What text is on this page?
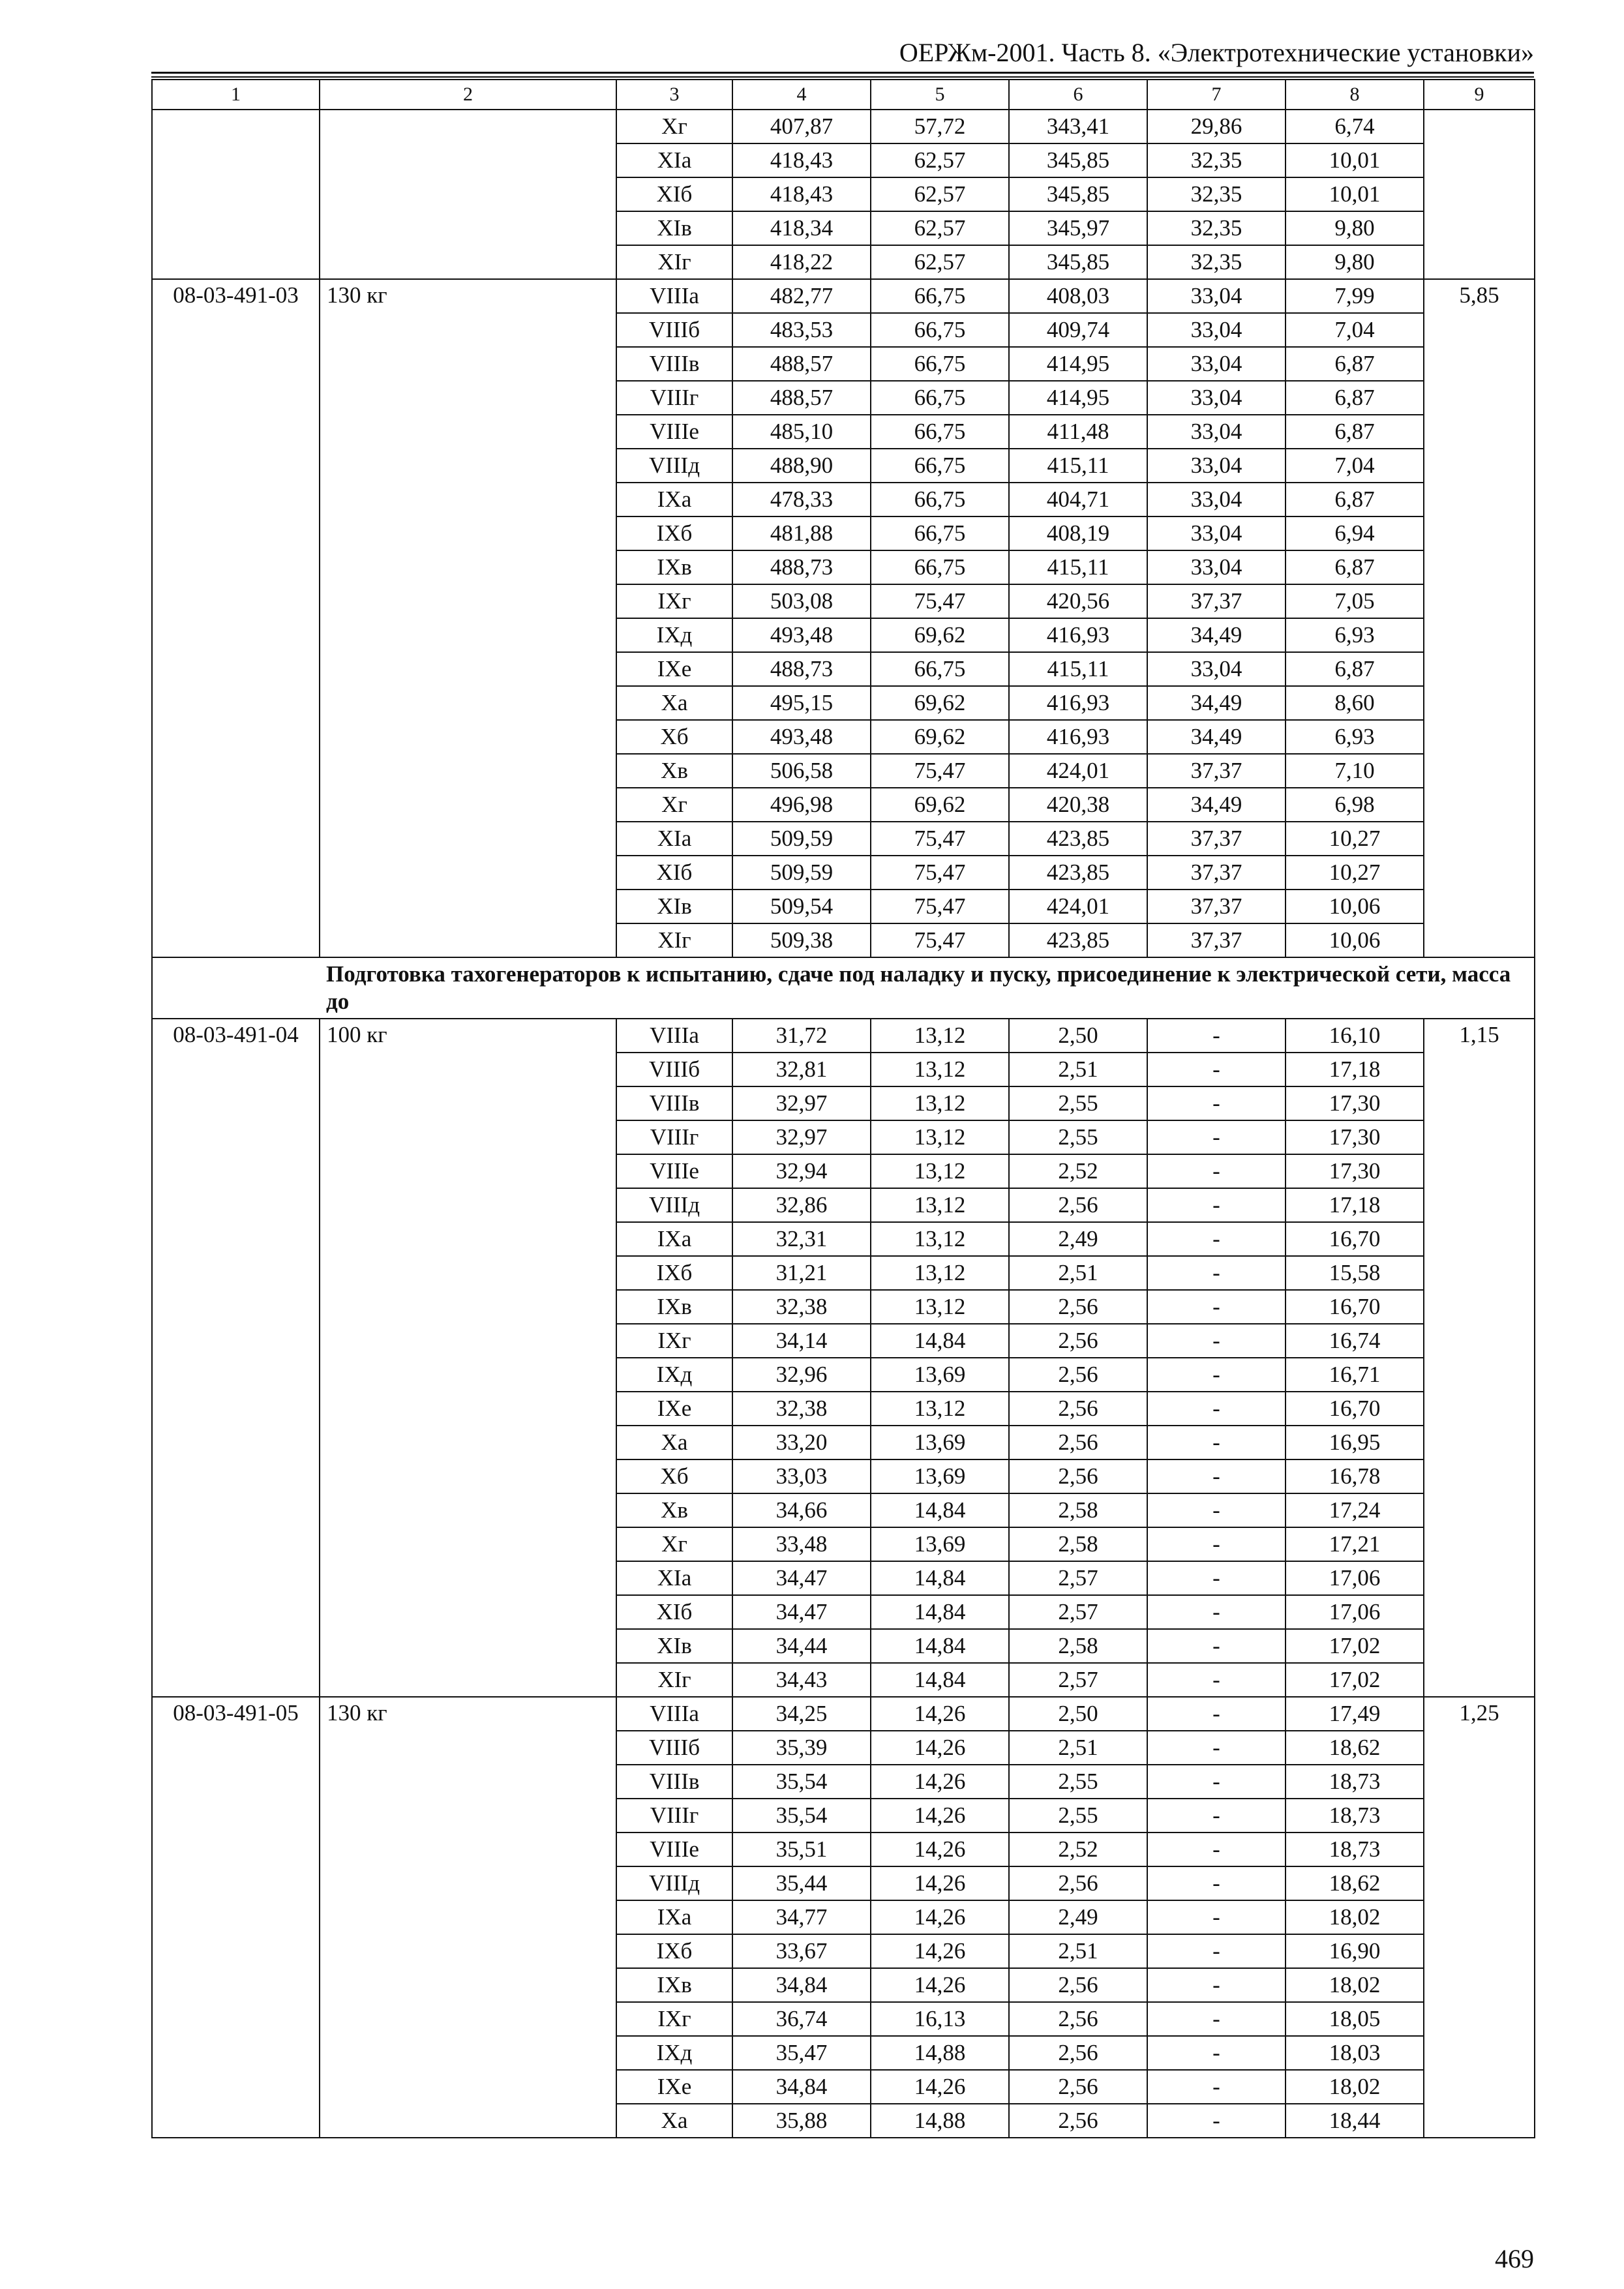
ОЕРЖм-2001. Часть 8. «Электротехнические установки»
1	2	3	4	5	6	7	8	9
		Xг	407,87	57,72	343,41	29,86	6,74	
		XIа	418,43	62,57	345,85	32,35	10,01	
		XIб	418,43	62,57	345,85	32,35	10,01	
		XIв	418,34	62,57	345,97	32,35	9,80	
		XIг	418,22	62,57	345,85	32,35	9,80	
08-03-491-03	130 кг	VIIIа	482,77	66,75	408,03	33,04	7,99	5,85
		VIIIб	483,53	66,75	409,74	33,04	7,04	
		VIIIв	488,57	66,75	414,95	33,04	6,87	
		VIIIг	488,57	66,75	414,95	33,04	6,87	
		VIIIе	485,10	66,75	411,48	33,04	6,87	
		VIIIд	488,90	66,75	415,11	33,04	7,04	
		IXа	478,33	66,75	404,71	33,04	6,87	
		IXб	481,88	66,75	408,19	33,04	6,94	
		IXв	488,73	66,75	415,11	33,04	6,87	
		IXг	503,08	75,47	420,56	37,37	7,05	
		IXд	493,48	69,62	416,93	34,49	6,93	
		IXе	488,73	66,75	415,11	33,04	6,87	
		Xа	495,15	69,62	416,93	34,49	8,60	
		Xб	493,48	69,62	416,93	34,49	6,93	
		Xв	506,58	75,47	424,01	37,37	7,10	
		Xг	496,98	69,62	420,38	34,49	6,98	
		XIа	509,59	75,47	423,85	37,37	10,27	
		XIб	509,59	75,47	423,85	37,37	10,27	
		XIв	509,54	75,47	424,01	37,37	10,06	
		XIг	509,38	75,47	423,85	37,37	10,06	
	Подготовка тахогенераторов к испытанию, сдаче под наладку и пуску, присоединение к электрической сети, масса до							
08-03-491-04	100 кг	VIIIа	31,72	13,12	2,50	-	16,10	1,15
		VIIIб	32,81	13,12	2,51	-	17,18	
		VIIIв	32,97	13,12	2,55	-	17,30	
		VIIIг	32,97	13,12	2,55	-	17,30	
		VIIIе	32,94	13,12	2,52	-	17,30	
		VIIIд	32,86	13,12	2,56	-	17,18	
		IXа	32,31	13,12	2,49	-	16,70	
		IXб	31,21	13,12	2,51	-	15,58	
		IXв	32,38	13,12	2,56	-	16,70	
		IXг	34,14	14,84	2,56	-	16,74	
		IXд	32,96	13,69	2,56	-	16,71	
		IXе	32,38	13,12	2,56	-	16,70	
		Xа	33,20	13,69	2,56	-	16,95	
		Xб	33,03	13,69	2,56	-	16,78	
		Xв	34,66	14,84	2,58	-	17,24	
		Xг	33,48	13,69	2,58	-	17,21	
		XIа	34,47	14,84	2,57	-	17,06	
		XIб	34,47	14,84	2,57	-	17,06	
		XIв	34,44	14,84	2,58	-	17,02	
		XIг	34,43	14,84	2,57	-	17,02	
08-03-491-05	130 кг	VIIIа	34,25	14,26	2,50	-	17,49	1,25
		VIIIб	35,39	14,26	2,51	-	18,62	
		VIIIв	35,54	14,26	2,55	-	18,73	
		VIIIг	35,54	14,26	2,55	-	18,73	
		VIIIе	35,51	14,26	2,52	-	18,73	
		VIIIд	35,44	14,26	2,56	-	18,62	
		IXа	34,77	14,26	2,49	-	18,02	
		IXб	33,67	14,26	2,51	-	16,90	
		IXв	34,84	14,26	2,56	-	18,02	
		IXг	36,74	16,13	2,56	-	18,05	
		IXд	35,47	14,88	2,56	-	18,03	
		IXе	34,84	14,26	2,56	-	18,02	
		Xа	35,88	14,88	2,56	-	18,44	
469
